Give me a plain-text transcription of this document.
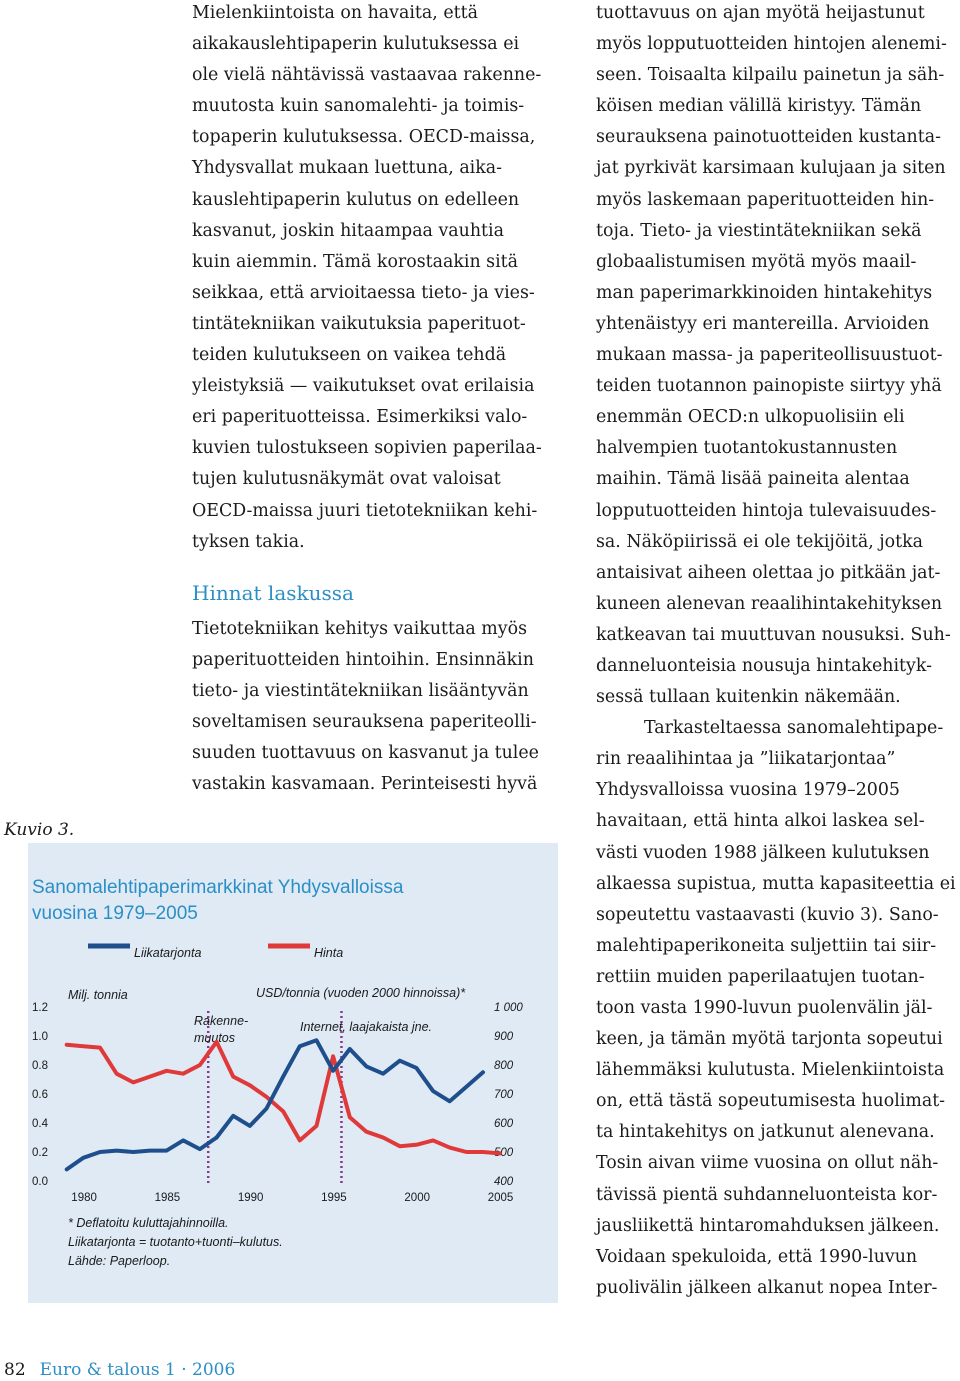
Mielenkiintoista on havaita, että
aikakauslehtipaperin kulutuksessa ei
ole vielä nähtävissä vastaavaa rakenne-
muutosta kuin sanomalehti- ja toimis-
topaperin kulutuksessa. OECD-maissa,
Yhdysvallat mukaan luettuna, aika-
kauslehtipaperin kulutus on edelleen
kasvanut, joskin hitaampaa vauhtia
kuin aiemmin. Tämä korostaakin sitä
seikkaa, että arvioitaessa tieto- ja vies-
tintätekniikan vaikutuksia paperituot-
teiden kulutukseen on vaikea tehdä
yleistyksiä — vaikutukset ovat erilaisia
eri paperituotteissa. Esimerkiksi valo-
kuvien tulostukseen sopivien paperilaa-
tujen kulutusnäkymät ovat valoisat
OECD-maissa juuri tietotekniikan kehi-
tyksen takia.

Hinnat laskussa

Tietotekniikan kehitys vaikuttaa myös
paperituotteiden hintoihin. Ensinnäkin
tieto- ja viestintätekniikan lisääntyvän
soveltamisen seurauksena paperiteolli-
suuden tuottavuus on kasvanut ja tulee
vastakin kasvamaan. Perinteisesti hyvä

tuottavuus on ajan myötä heijastunut
myös lopputuotteiden hintojen alenemi-
seen. Toisaalta kilpailu painetun ja säh-
köisen median välillä kiristyy. Tämän
seurauksena painotuotteiden kustanta-
jat pyrkivät karsimaan kulujaan ja siten
myös laskemaan paperituotteiden hin-
toja. Tieto- ja viestintätekniikan sekä
globaalistumisen myötä myös maail-
man paperimarkkinoiden hintakehitys
yhtenäistyy eri mantereilla. Arvioiden
mukaan massa- ja paperiteollisuustuot-
teiden tuotannon painopiste siirtyy yhä
enemmän OECD:n ulkopuolisiin eli
halvempien tuotantokustannusten
maihin. Tämä lisää paineita alentaa
lopputuotteiden hintoja tulevaisuudes-
sa. Näköpiirissä ei ole tekijöitä, jotka
antaisivat aiheen olettaa jo pitkään jat-
kuneen alenevan reaalihintakehityksen
katkeavan tai muuttuvan nousuksi. Suh-
danneluonteisia nousuja hintakehityk-
sessä tullaan kuitenkin näkemään.

Tarkasteltaessa sanomalehtipape-
rin reaalihintaa ja ”liikatarjontaa”
Yhdysvalloissa vuosina 1979–2005
havaitaan, että hinta alkoi laskea sel-
västi vuoden 1988 jälkeen kulutuksen
alkaessa supistua, mutta kapasiteettia ei
sopeutettu vastaavasti (kuvio 3). Sano-
malehtipaperikoneita suljettiin tai siir-
rettiin muiden paperilaatujen tuotan-
toon vasta 1990-luvun puolenvälin jäl-
keen, ja tämän myötä tarjonta sopeutui
lähemmäksi kulutusta. Mielenkiintoista
on, että tästä sopeutumisesta huolimat-
ta hintakehitys on jatkunut alenevana.
Tosin aivan viime vuosina on ollut näh-
tävissä pientä suhdanneluonteista kor-
jausliikettä hintaromahduksen jälkeen.
Voidaan spekuloida, että 1990-luvun
puolivälin jälkeen alkanut nopea Inter-

Kuvio 3.
Sanomalehtipaperimarkkinat Yhdysvalloissa
vuosina 1979–2005
Liikatarjonta	Hinta
Milj. tonnia	USD/tonnia (vuoden 2000 hinnoissa)*
1.2
1.0
0.8
0.6
0.4
0.2
0.0
1 000
900
800
700
600
500
400
1980	1985	1990	1995	2000	2005
Rakenne-
muutos
Internet, laajakaista jne.
* Deflatoitu kuluttajahinnoilla.
Liikatarjonta = tuotanto+tuonti–kulutus.
Lähde: Paperloop.
82 Euro & talous 1 · 2006
